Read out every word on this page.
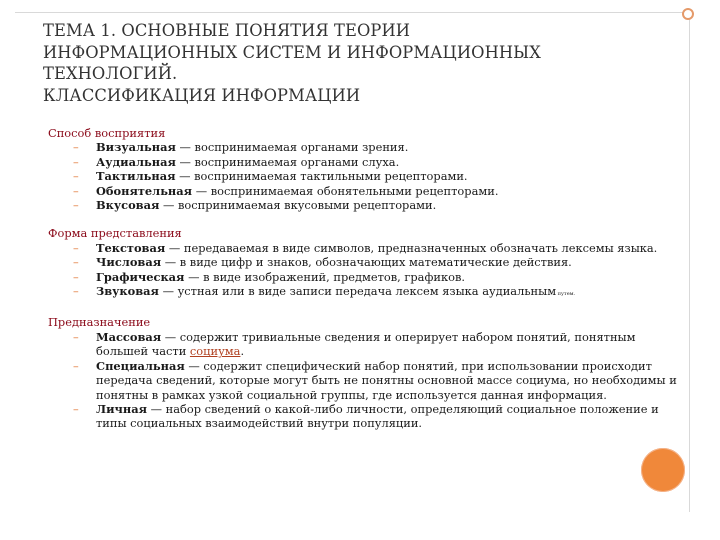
ТЕМА 1. ОСНОВНЫЕ ПОНЯТИЯ ТЕОРИИ
ИНФОРМАЦИОННЫХ СИСТЕМ И ИНФОРМАЦИОННЫХ
ТЕХНОЛОГИЙ.
КЛАССИФИКАЦИЯ ИНФОРМАЦИИ
Способ восприятия
– Визуальная — воспринимаемая органами зрения.
– Аудиальная — воспринимаемая органами слуха.
– Тактильная — воспринимаемая тактильными рецепторами.
– Обонятельная — воспринимаемая обонятельными рецепторами.
– Вкусовая — воспринимаемая вкусовыми рецепторами.
Форма представления
– Текстовая — передаваемая в виде символов, предназначенных обозначать лексемы языка.
– Числовая — в виде цифр и знаков, обозначающих математические действия.
– Графическая — в виде изображений, предметов, графиков.
– Звуковая — устная или в виде записи передача лексем языка аудиальным путем.
Предназначение
– Массовая — содержит тривиальные сведения и оперирует набором понятий, понятным большей части социума.
– Специальная — содержит специфический набор понятий, при использовании происходит передача сведений, которые могут быть не понятны основной массе социума, но необходимы и понятны в рамках узкой социальной группы, где используется данная информация.
– Личная — набор сведений о какой-либо личности, определяющий социальное положение и типы социальных взаимодействий внутри популяции.
